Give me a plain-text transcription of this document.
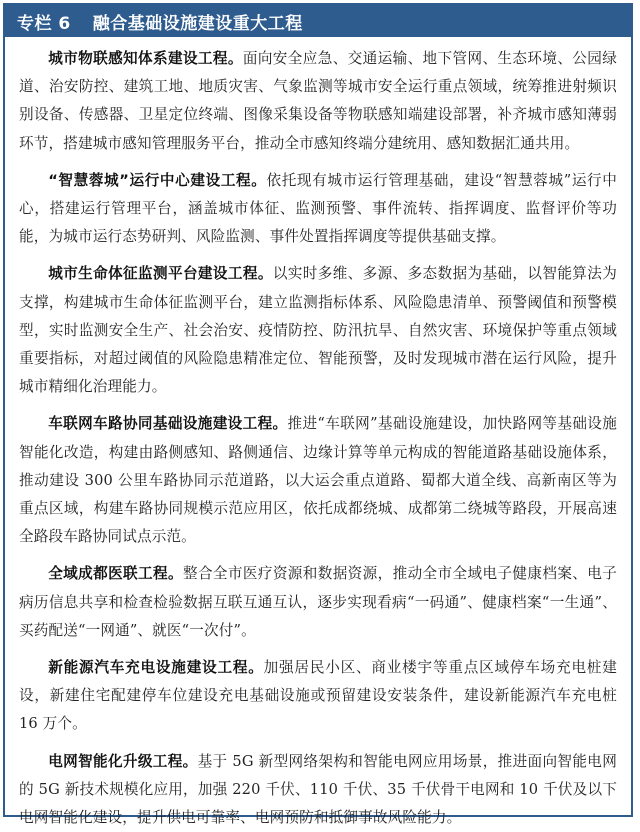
专栏 6 融合基础设施建设重大工程

城市物联感知体系建设工程。面向安全应急、交通运输、地下管网、生态环境、公园绿道、治安防控、建筑工地、地质灾害、气象监测等城市安全运行重点领域，统筹推进射频识别设备、传感器、卫星定位终端、图像采集设备等物联感知端建设部署，补齐城市感知薄弱环节，搭建城市感知管理服务平台，推动全市感知终端分建统用、感知数据汇通共用。

“智慧蓉城”运行中心建设工程。依托现有城市运行管理基础，建设“智慧蓉城”运行中心，搭建运行管理平台，涵盖城市体征、监测预警、事件流转、指挥调度、监督评价等功能，为城市运行态势研判、风险监测、事件处置指挥调度等提供基础支撑。

城市生命体征监测平台建设工程。以实时多维、多源、多态数据为基础，以智能算法为支撑，构建城市生命体征监测平台，建立监测指标体系、风险隐患清单、预警阈值和预警模型，实时监测安全生产、社会治安、疫情防控、防汛抗旱、自然灾害、环境保护等重点领域重要指标，对超过阈值的风险隐患精准定位、智能预警，及时发现城市潜在运行风险，提升城市精细化治理能力。

车联网车路协同基础设施建设工程。推进“车联网”基础设施建设，加快路网等基础设施智能化改造，构建由路侧感知、路侧通信、边缘计算等单元构成的智能道路基础设施体系，推动建设 300 公里车路协同示范道路，以大运会重点道路、蜀都大道全线、高新南区等为重点区域，构建车路协同规模示范应用区，依托成都绕城、成都第二绕城等路段，开展高速全路段车路协同试点示范。

全域成都医联工程。整合全市医疗资源和数据资源，推动全市全域电子健康档案、电子病历信息共享和检查检验数据互联互通互认，逐步实现看病“一码通”、健康档案“一生通”、买药配送“一网通”、就医“一次付”。

新能源汽车充电设施建设工程。加强居民小区、商业楼宇等重点区域停车场充电桩建设，新建住宅配建停车位建设充电基础设施或预留建设安装条件，建设新能源汽车充电桩 16 万个。

电网智能化升级工程。基于 5G 新型网络架构和智能电网应用场景，推进面向智能电网的 5G 新技术规模化应用，加强 220 千伏、110 千伏、35 千伏骨干电网和 10 千伏及以下电网智能化建设，提升供电可靠率、电网预防和抵御事故风险能力。
